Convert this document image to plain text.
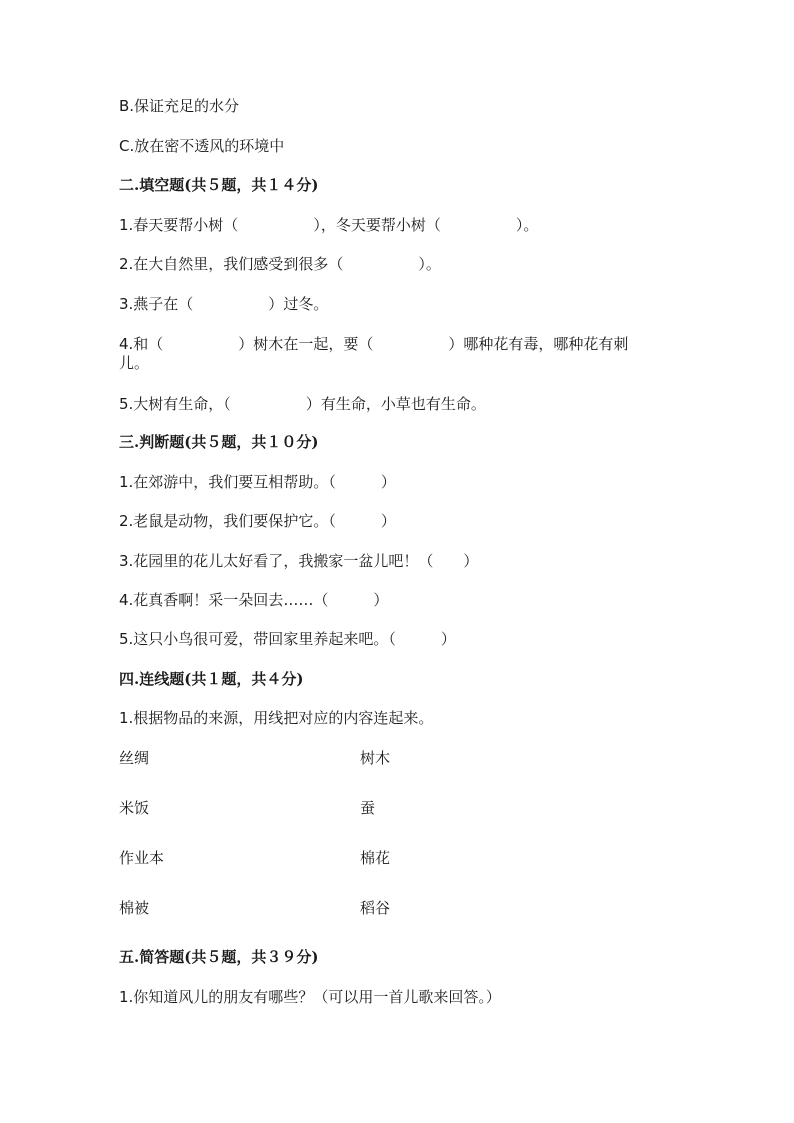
B.保证充足的水分
C.放在密不透风的环境中
二.填空题(共５题，共１４分)
1.春天要帮小树（　　　　　），冬天要帮小树（　　　　　）。
2.在大自然里，我们感受到很多（　　　　　）。
3.燕子在（　　　　　）过冬。
4.和（　　　　　）树木在一起，要（　　　　　）哪种花有毒，哪种花有刺
儿。
5.大树有生命，（　　　　　）有生命，小草也有生命。
三.判断题(共５题，共１０分)
1.在郊游中，我们要互相帮助。（　　　）
2.老鼠是动物，我们要保护它。（　　　）
3.花园里的花儿太好看了，我搬家一盆儿吧！（　　）
4.花真香啊！采一朵回去……（　　　）
5.这只小鸟很可爱，带回家里养起来吧。（　　　）
四.连线题(共１题，共４分)
1.根据物品的来源，用线把对应的内容连起来。
丝绸	树木
米饭	蚕
作业本	棉花
棉被	稻谷
五.简答题(共５题，共３９分)
1.你知道风儿的朋友有哪些？（可以用一首儿歌来回答。）
